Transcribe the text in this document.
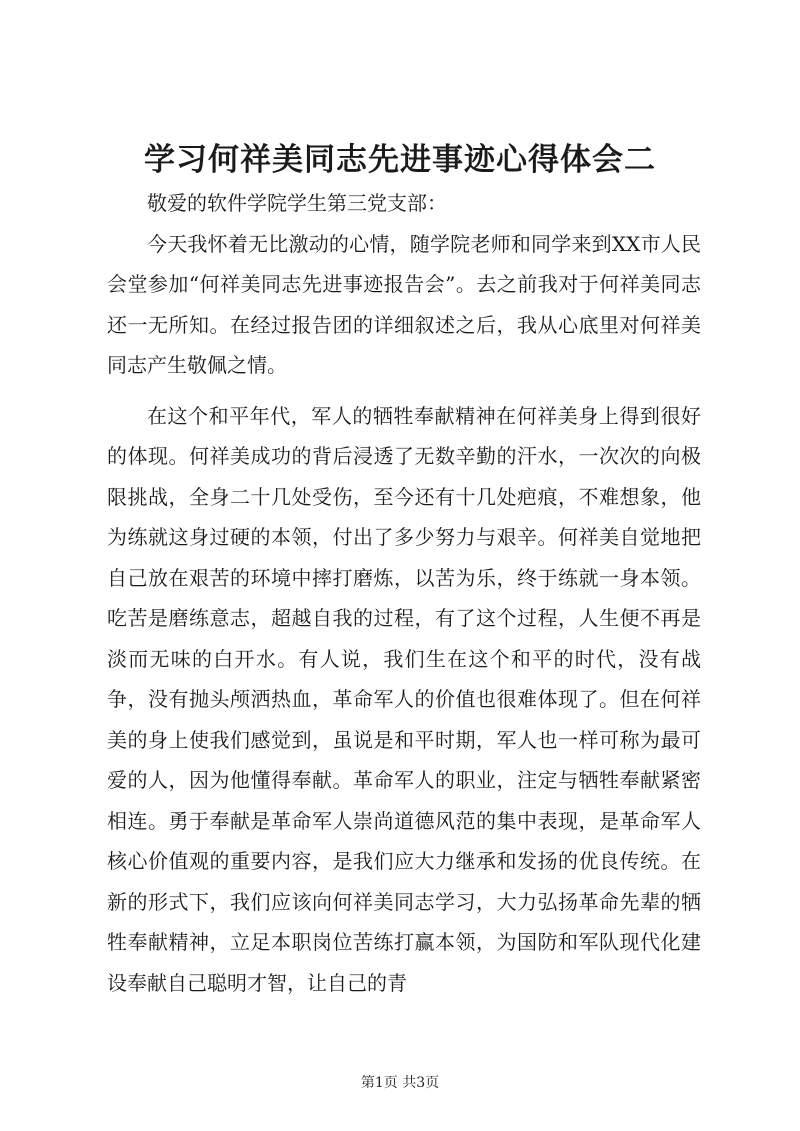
学习何祥美同志先进事迹心得体会二

敬爱的软件学院学生第三党支部：

今天我怀着无比激动的心情，随学院老师和同学来到XX市人民会堂参加“何祥美同志先进事迹报告会”。去之前我对于何祥美同志还一无所知。在经过报告团的详细叙述之后，我从心底里对何祥美同志产生敬佩之情。

在这个和平年代，军人的牺牲奉献精神在何祥美身上得到很好的体现。何祥美成功的背后浸透了无数辛勤的汗水，一次次的向极限挑战，全身二十几处受伤，至今还有十几处疤痕，不难想象，他为练就这身过硬的本领，付出了多少努力与艰辛。何祥美自觉地把自己放在艰苦的环境中摔打磨炼，以苦为乐，终于练就一身本领。吃苦是磨练意志，超越自我的过程，有了这个过程，人生便不再是淡而无味的白开水。有人说，我们生在这个和平的时代，没有战争，没有抛头颅洒热血，革命军人的价值也很难体现了。但在何祥美的身上使我们感觉到，虽说是和平时期，军人也一样可称为最可爱的人，因为他懂得奉献。革命军人的职业，注定与牺牲奉献紧密相连。勇于奉献是革命军人崇尚道德风范的集中表现，是革命军人核心价值观的重要内容，是我们应大力继承和发扬的优良传统。在新的形式下，我们应该向何祥美同志学习，大力弘扬革命先辈的牺牲奉献精神，立足本职岗位苦练打赢本领，为国防和军队现代化建设奉献自己聪明才智，让自己的青

第1页 共3页
